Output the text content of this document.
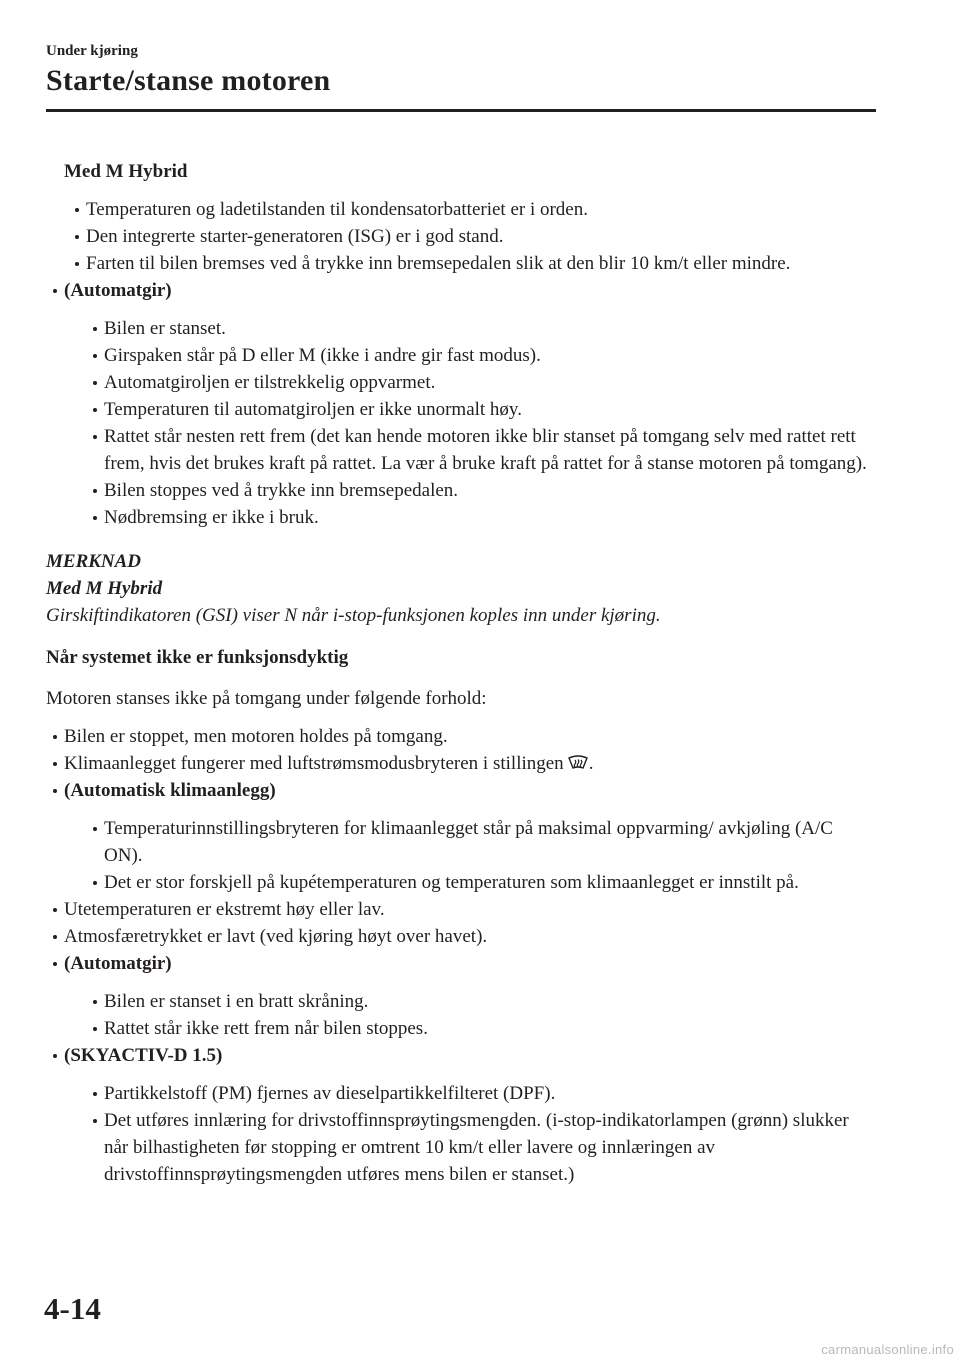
Under kjøring
Starte/stanse motoren
Med M Hybrid
Temperaturen og ladetilstanden til kondensatorbatteriet er i orden.
Den integrerte starter-generatoren (ISG) er i god stand.
Farten til bilen bremses ved å trykke inn bremsepedalen slik at den blir 10 km/t eller mindre.
(Automatgir)
Bilen er stanset.
Girspaken står på D eller M (ikke i andre gir fast modus).
Automatgiroljen er tilstrekkelig oppvarmet.
Temperaturen til automatgiroljen er ikke unormalt høy.
Rattet står nesten rett frem (det kan hende motoren ikke blir stanset på tomgang selv med rattet rett frem, hvis det brukes kraft på rattet. La vær å bruke kraft på rattet for å stanse motoren på tomgang).
Bilen stoppes ved å trykke inn bremsepedalen.
Nødbremsing er ikke i bruk.
MERKNAD
Med M Hybrid
Girskiftindikatoren (GSI) viser N når i-stop-funksjonen koples inn under kjøring.
Når systemet ikke er funksjonsdyktig
Motoren stanses ikke på tomgang under følgende forhold:
Bilen er stoppet, men motoren holdes på tomgang.
Klimaanlegget fungerer med luftstrømsmodusbryteren i stillingen .
(Automatisk klimaanlegg)
Temperaturinnstillingsbryteren for klimaanlegget står på maksimal oppvarming/ avkjøling (A/C ON).
Det er stor forskjell på kupétemperaturen og temperaturen som klimaanlegget er innstilt på.
Utetemperaturen er ekstremt høy eller lav.
Atmosfæretrykket er lavt (ved kjøring høyt over havet).
(Automatgir)
Bilen er stanset i en bratt skråning.
Rattet står ikke rett frem når bilen stoppes.
(SKYACTIV-D 1.5)
Partikkelstoff (PM) fjernes av dieselpartikkelfilteret (DPF).
Det utføres innlæring for drivstoffinnsprøytingsmengden. (i-stop-indikatorlampen (grønn) slukker når bilhastigheten før stopping er omtrent 10 km/t eller lavere og innlæringen av drivstoffinnsprøytingsmengden utføres mens bilen er stanset.)
4-14
carmanualsonline.info
